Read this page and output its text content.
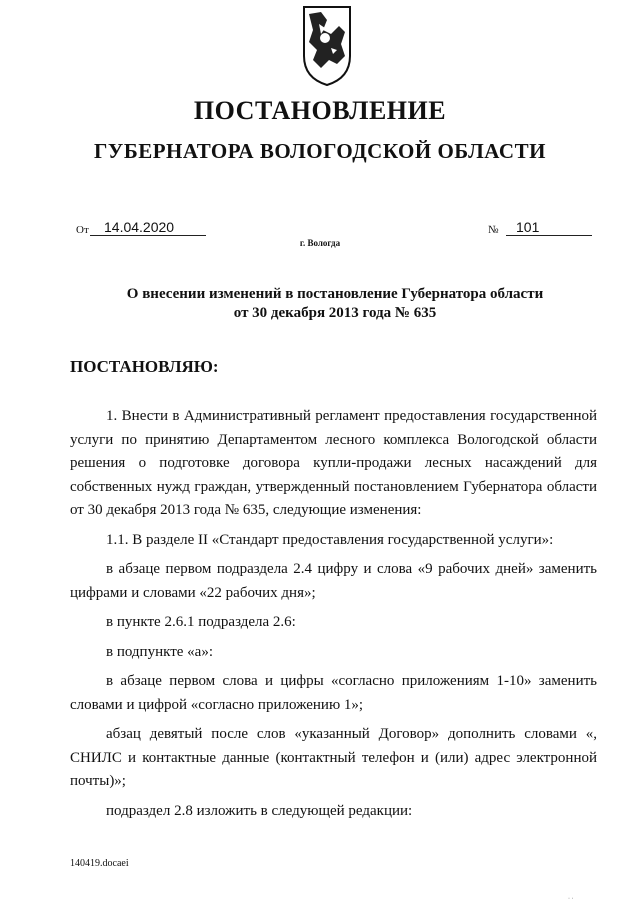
ПОСТАНОВЛЕНИЕ
ГУБЕРНАТОРА ВОЛОГОДСКОЙ ОБЛАСТИ
От	14.04.2020	№	101
г. Вологда
О внесении изменений в постановление Губернатора области
от 30 декабря 2013 года № 635
ПОСТАНОВЛЯЮ:

1. Внести в Административный регламент предоставления государственной услуги по принятию Департаментом лесного комплекса Вологодской области решения о подготовке договора купли-продажи лесных насаждений для собственных нужд граждан, утвержденный постановлением Губернатора области от 30 декабря 2013 года № 635, следующие изменения:

1.1. В разделе II «Стандарт предоставления государственной услуги»:

в абзаце первом подраздела 2.4 цифру и слова «9 рабочих дней» заменить цифрами и словами «22 рабочих дня»;

в пункте 2.6.1 подраздела 2.6:
в подпункте «а»:

в абзаце первом слова и цифры «согласно приложениям 1-10» заменить словами и цифрой «согласно приложению 1»;

абзац девятый после слов «указанный Договор» дополнить словами «, СНИЛС и контактные данные (контактный телефон и (или) адрес электронной почты)»;

подраздел 2.8 изложить в следующей редакции:
140419.docaei
· ·
